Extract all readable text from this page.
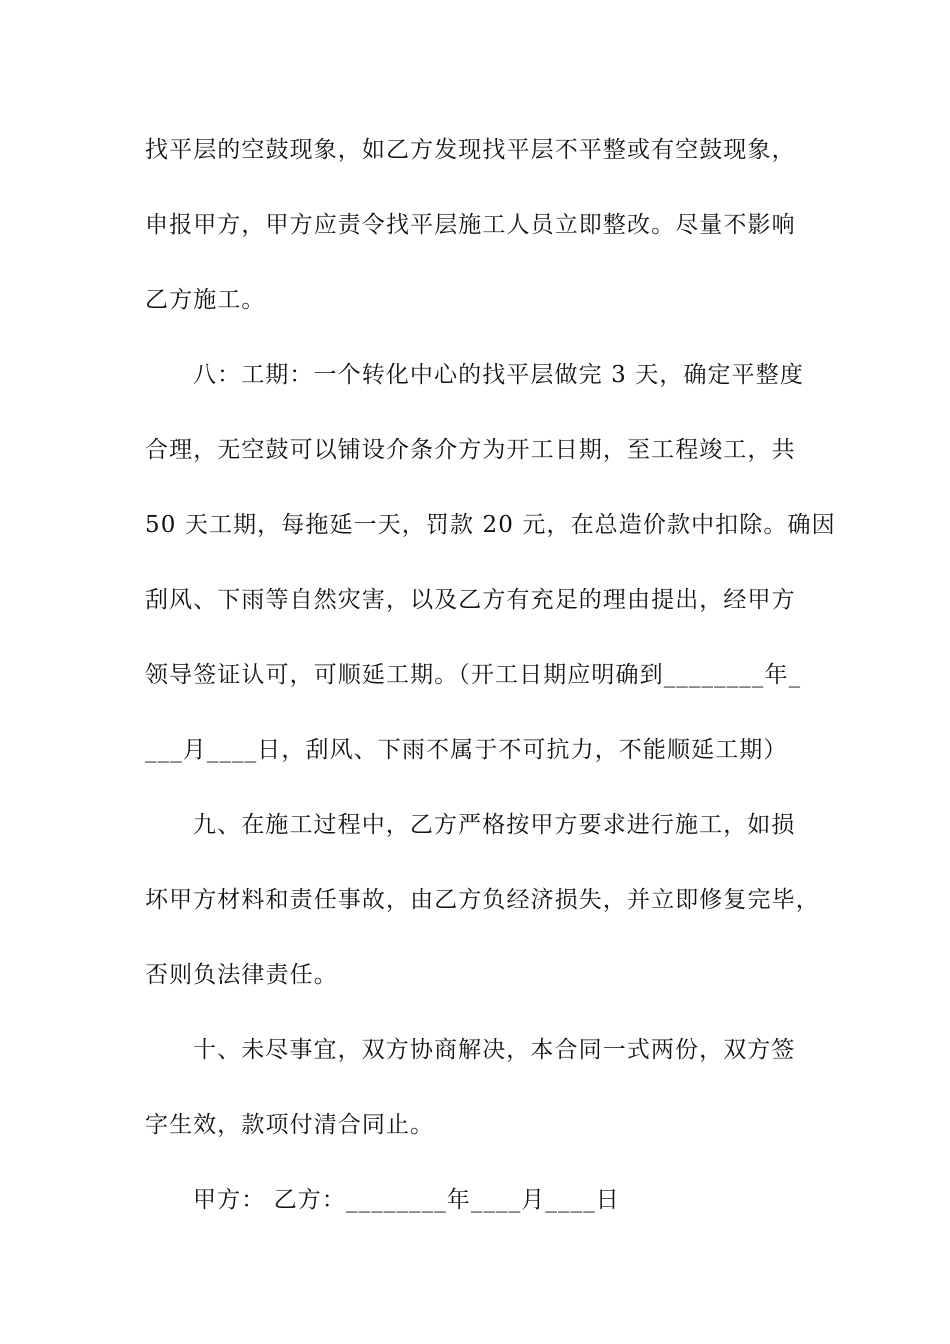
找平层的空鼓现象，如乙方发现找平层不平整或有空鼓现象，
申报甲方，甲方应责令找平层施工人员立即整改。尽量不影响
乙方施工。
八：工期：一个转化中心的找平层做完 3 天，确定平整度
合理，无空鼓可以铺设介条介方为开工日期，至工程竣工，共
50 天工期，每拖延一天，罚款 20 元，在总造价款中扣除。确因
刮风、下雨等自然灾害，以及乙方有充足的理由提出，经甲方
领导签证认可，可顺延工期。（开工日期应明确到________年_
___月____日，刮风、下雨不属于不可抗力，不能顺延工期）
九、在施工过程中，乙方严格按甲方要求进行施工，如损
坏甲方材料和责任事故，由乙方负经济损失，并立即修复完毕，
否则负法律责任。
十、未尽事宜，双方协商解决，本合同一式两份，双方签
字生效，款项付清合同止。
甲方： 乙方：________年____月____日
